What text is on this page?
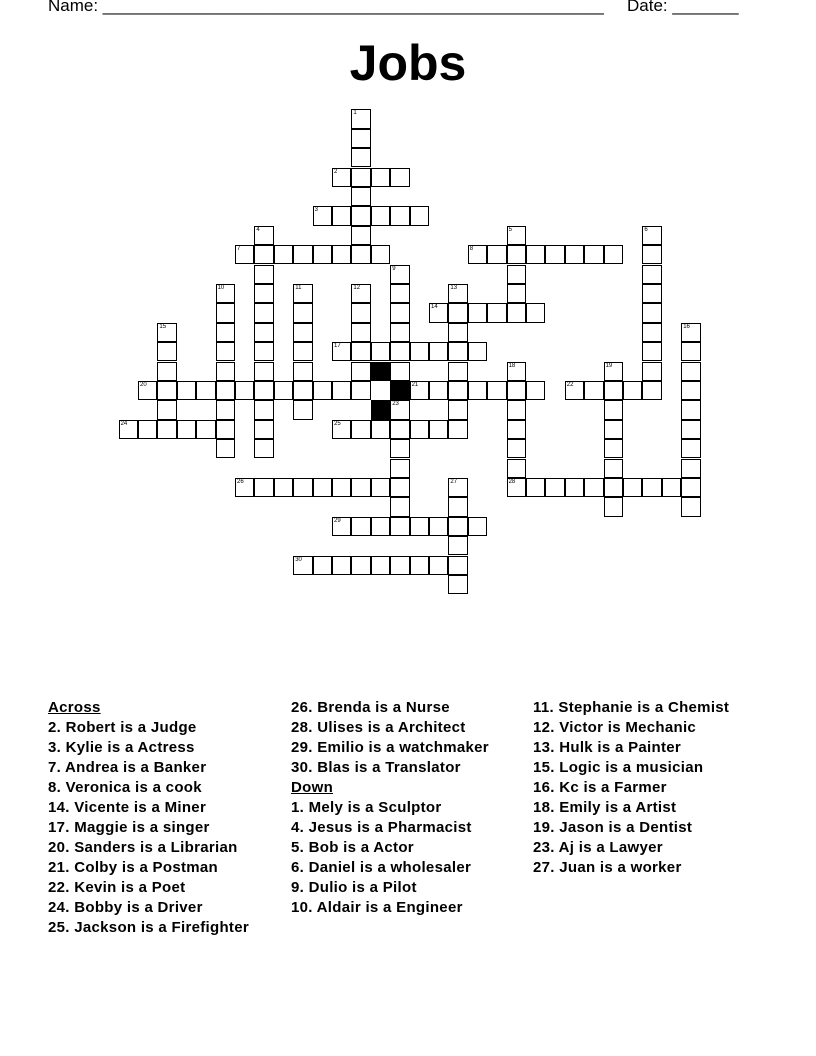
Name: _____________________________________________________ Date: _______
Jobs
1
2
3
4	5	6
7	8
9
23
10	11	12	13
14
15	16
17
18
28
19
20	21	22
24	25
26	27
29
30
Across
2. Robert is a Judge
3. Kylie is a Actress
7. Andrea is a Banker
8. Veronica is a cook
14. Vicente is a Miner
17. Maggie is a singer
20. Sanders is a Librarian
21. Colby is a Postman
22. Kevin is a Poet
24. Bobby is a Driver
25. Jackson is a Firefighter
26. Brenda is a Nurse
28. Ulises is a Architect
29. Emilio is a watchmaker
30. Blas is a Translator
Down
1. Mely is a Sculptor
4. Jesus is a Pharmacist
5. Bob is a Actor
6. Daniel is a wholesaler
9. Dulio is a Pilot
10. Aldair is a Engineer
11. Stephanie is a Chemist
12. Victor is Mechanic
13. Hulk is a Painter
15. Logic is a musician
16. Kc is a Farmer
18. Emily is a Artist
19. Jason is a Dentist
23. Aj is a Lawyer
27. Juan is a worker
